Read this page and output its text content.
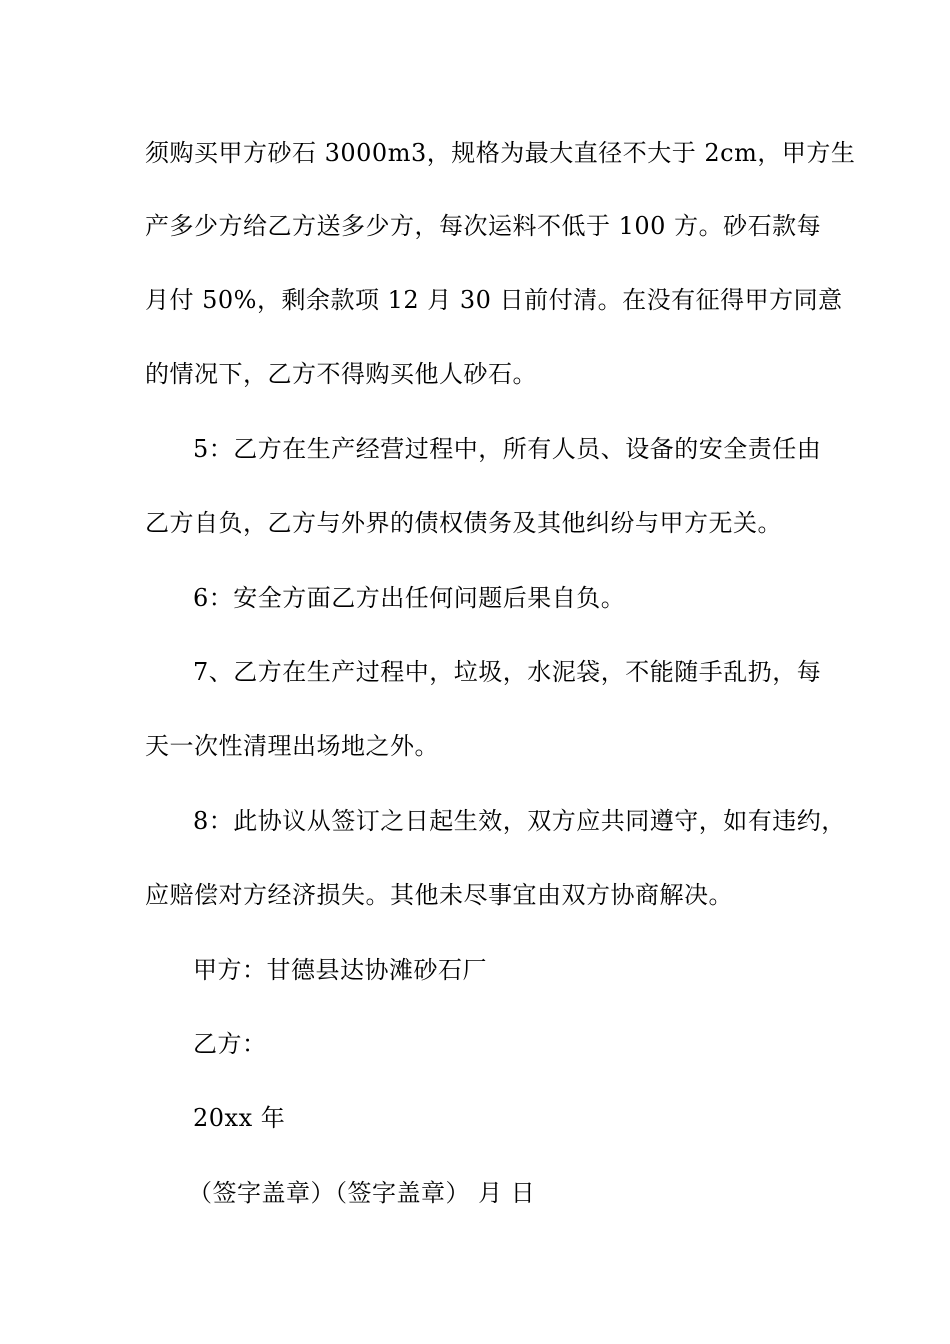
须购买甲方砂石 3000m3，规格为最大直径不大于 2cm，甲方生
产多少方给乙方送多少方，每次运料不低于 100 方。砂石款每
月付 50%，剩余款项 12 月 30 日前付清。在没有征得甲方同意
的情况下，乙方不得购买他人砂石。
5：乙方在生产经营过程中，所有人员、设备的安全责任由
乙方自负，乙方与外界的债权债务及其他纠纷与甲方无关。
6：安全方面乙方出任何问题后果自负。
7、乙方在生产过程中，垃圾，水泥袋，不能随手乱扔，每
天一次性清理出场地之外。
8：此协议从签订之日起生效，双方应共同遵守，如有违约，
应赔偿对方经济损失。其他未尽事宜由双方协商解决。
甲方：甘德县达协滩砂石厂
乙方：
20xx 年
（签字盖章）（签字盖章） 月 日
